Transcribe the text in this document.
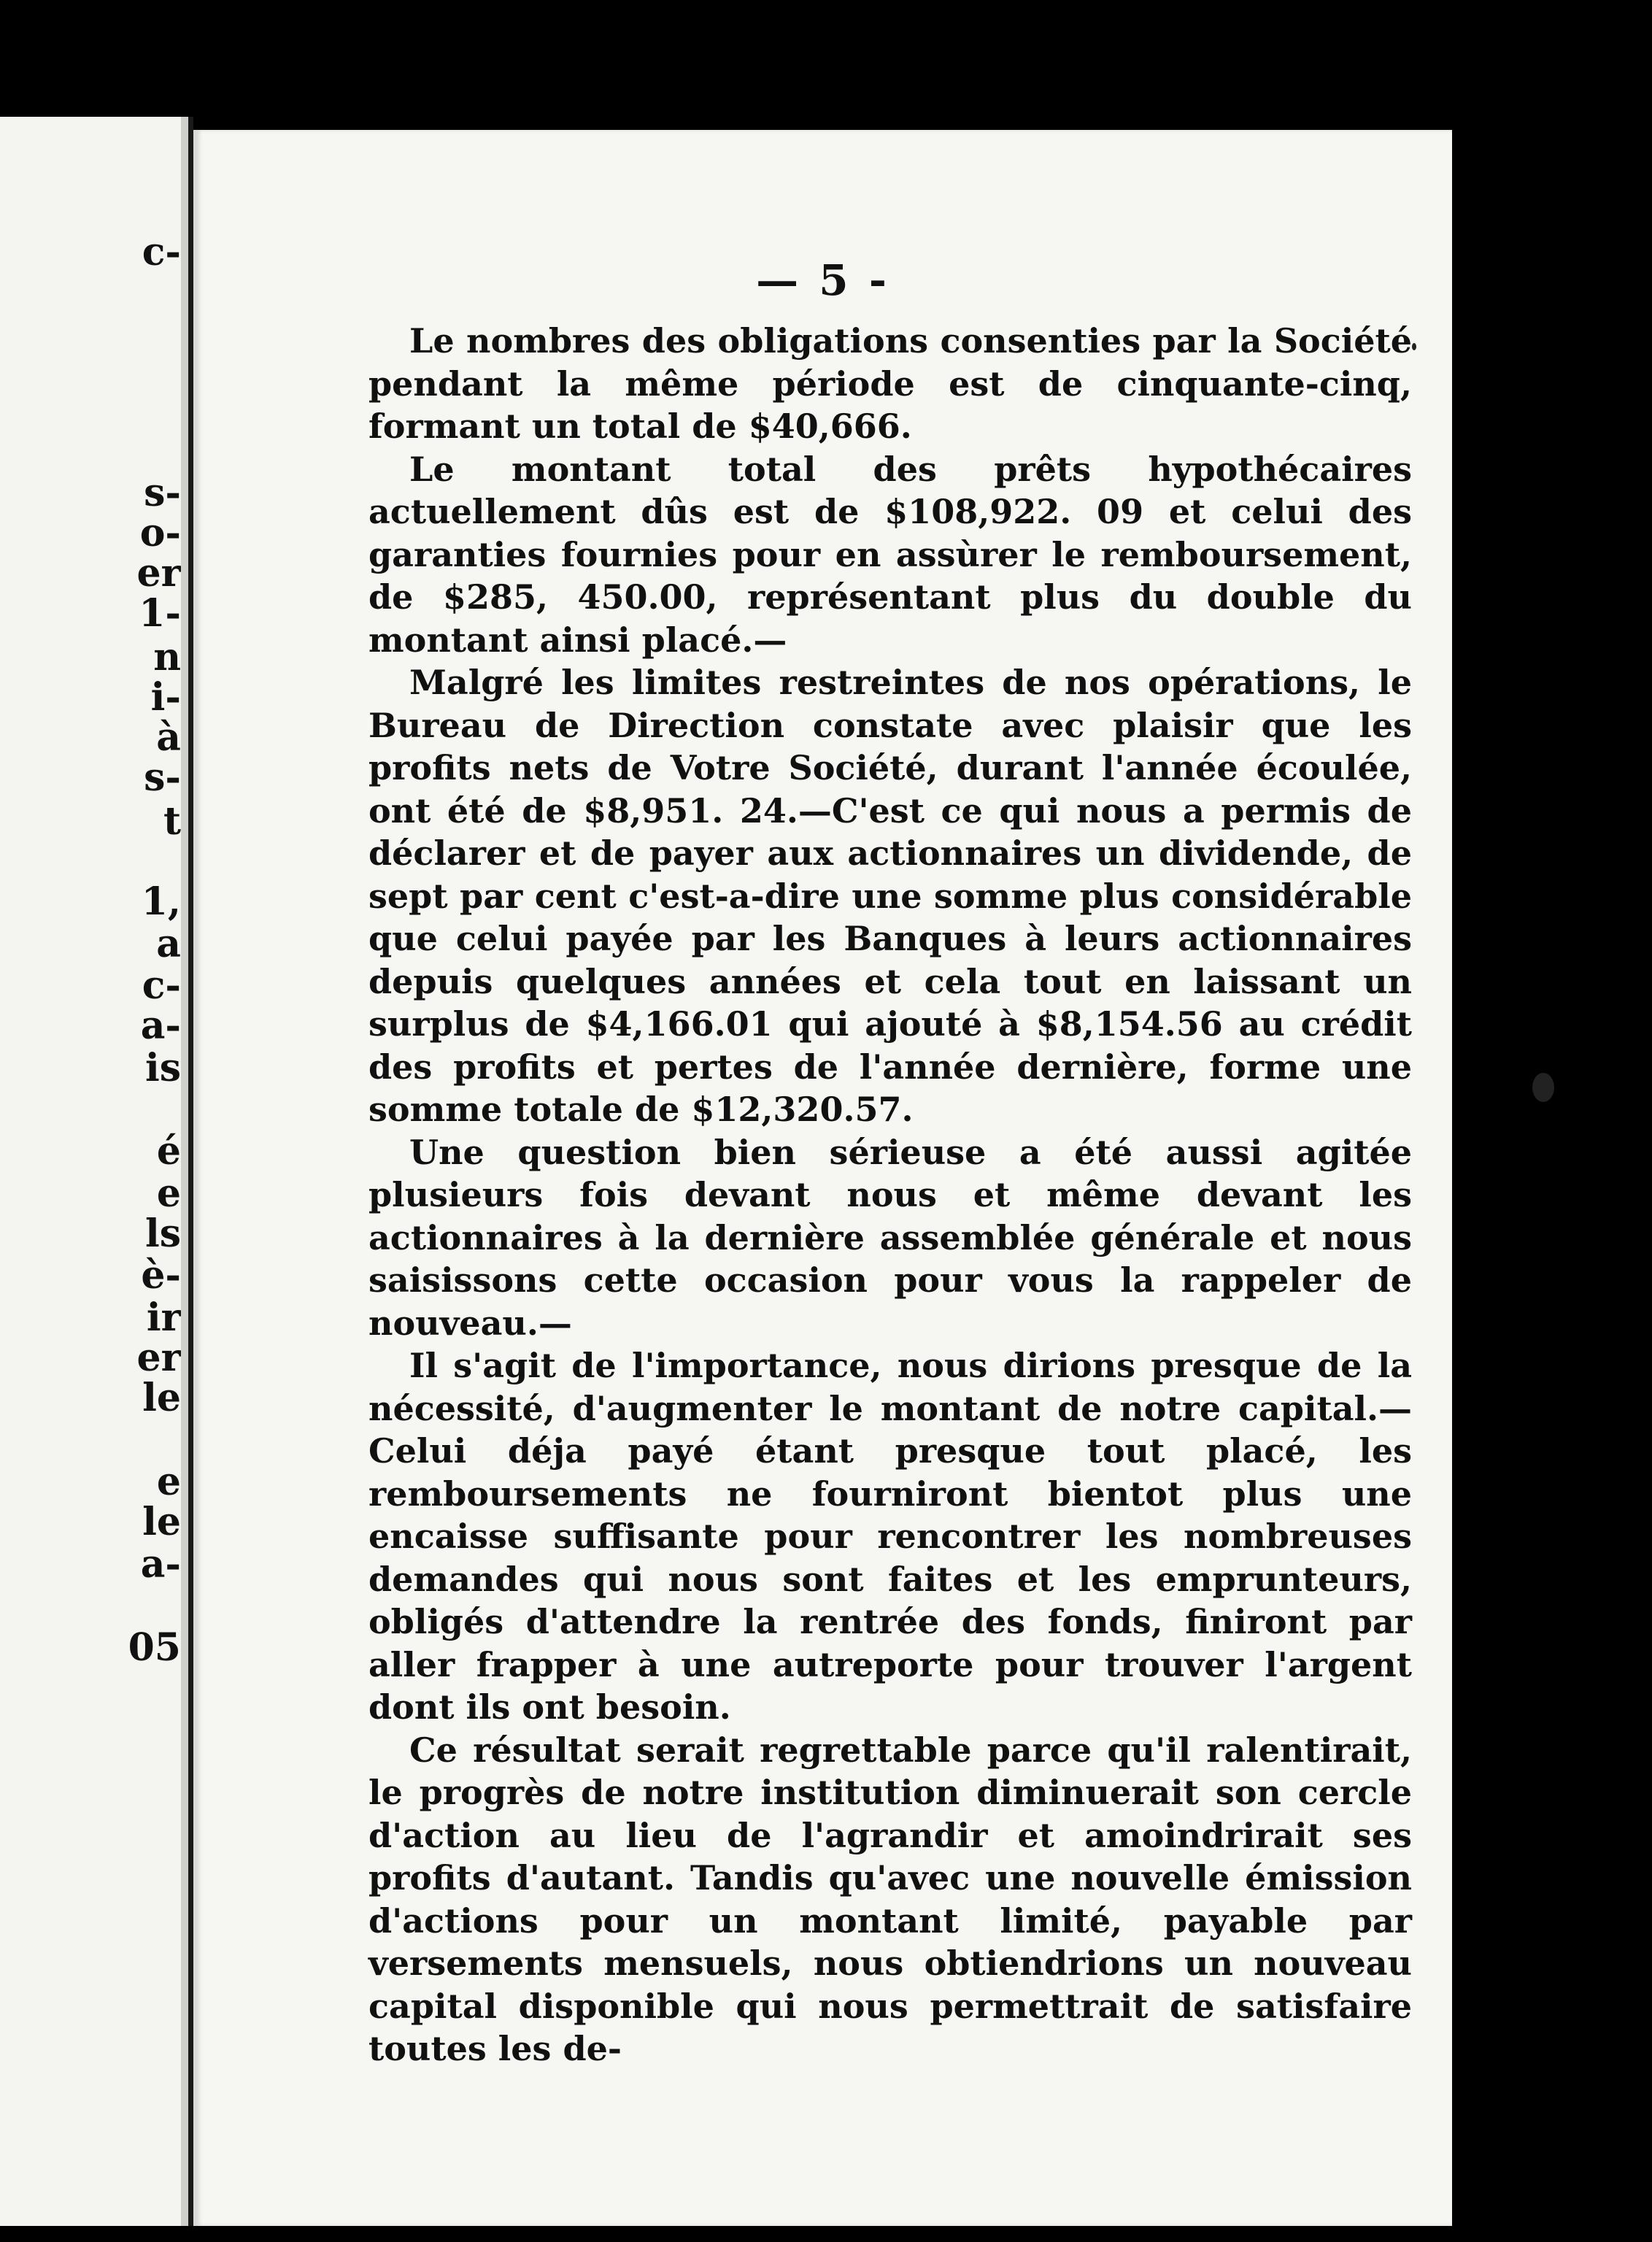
c-
s-
o-
er
1-
n
i-
à
s-
t
1,
a
c-
a-
is
é
e
ls
è-
ir
er
le
e
le
a-
05
— 5 -

Le nombres des obligations consenties par la Société pendant la même période est de cinquante-cinq, formant un total de $40,666.

Le montant total des prêts hypothécaires actuellement dûs est de $108,922. 09 et celui des garanties fournies pour en assùrer le remboursement, de $285, 450.00, représentant plus du double du montant ainsi placé.—

Malgré les limites restreintes de nos opérations, le Bureau de Direction constate avec plaisir que les profits nets de Votre Société, durant l'année écoulée, ont été de $8,951. 24.—C'est ce qui nous a permis de déclarer et de payer aux actionnaires un dividende, de sept par cent c'est-a-dire une somme plus considérable que celui payée par les Banques à leurs actionnaires depuis quelques années et cela tout en laissant un surplus de $4,166.01 qui ajouté à $8,154.56 au crédit des profits et pertes de l'année dernière, forme une somme totale de $12,320.57.

Une question bien sérieuse a été aussi agitée plusieurs fois devant nous et même devant les actionnaires à la dernière assemblée générale et nous saisissons cette occasion pour vous la rappeler de nouveau.—

Il s'agit de l'importance, nous dirions presque de la nécessité, d'augmenter le montant de notre capital.— Celui déja payé étant presque tout placé, les remboursements ne fourniront bientot plus une encaisse suffisante pour rencontrer les nombreuses demandes qui nous sont faites et les emprunteurs, obligés d'attendre la rentrée des fonds, finiront par aller frapper à une autreporte pour trouver l'argent dont ils ont besoin.

Ce résultat serait regrettable parce qu'il ralentirait, le progrès de notre institution diminuerait son cercle d'action au lieu de l'agrandir et amoindrirait ses profits d'autant. Tandis qu'avec une nouvelle émission d'actions pour un montant limité, payable par versements mensuels, nous obtiendrions un nouveau capital disponible qui nous permettrait de satisfaire toutes les de-
